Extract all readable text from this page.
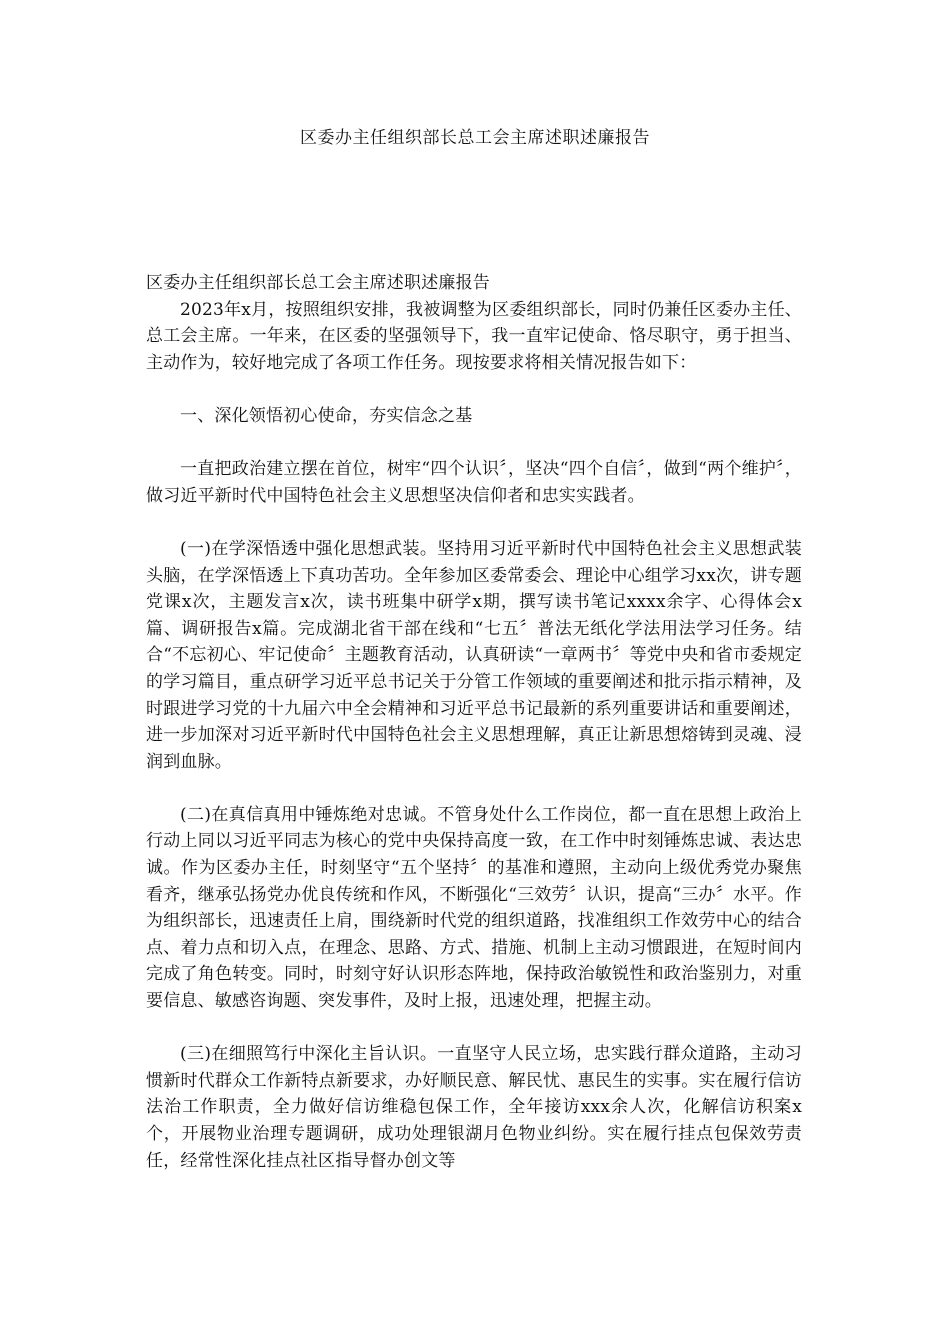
区委办主任组织部长总工会主席述职述廉报告

区委办主任组织部长总工会主席述职述廉报告

2023年x月，按照组织安排，我被调整为区委组织部长，同时仍兼任区委办主任、总工会主席。一年来，在区委的坚强领导下，我一直牢记使命、恪尽职守，勇于担当、主动作为，较好地完成了各项工作任务。现按要求将相关情况报告如下：

一、深化领悟初心使命，夯实信念之基

一直把政治建立摆在首位，树牢“四个认识〞，坚决“四个自信〞，做到“两个维护〞，做习近平新时代中国特色社会主义思想坚决信仰者和忠实实践者。

(一)在学深悟透中强化思想武装。坚持用习近平新时代中国特色社会主义思想武装头脑，在学深悟透上下真功苦功。全年参加区委常委会、理论中心组学习xx次，讲专题党课x次，主题发言x次，读书班集中研学x期，撰写读书笔记xxxx余字、心得体会x篇、调研报告x篇。完成湖北省干部在线和“七五〞普法无纸化学法用法学习任务。结合“不忘初心、牢记使命〞主题教育活动，认真研读“一章两书〞等党中央和省市委规定的学习篇目，重点研学习近平总书记关于分管工作领域的重要阐述和批示指示精神，及时跟进学习党的十九届六中全会精神和习近平总书记最新的系列重要讲话和重要阐述，进一步加深对习近平新时代中国特色社会主义思想理解，真正让新思想熔铸到灵魂、浸润到血脉。

(二)在真信真用中锤炼绝对忠诚。不管身处什么工作岗位，都一直在思想上政治上行动上同以习近平同志为核心的党中央保持高度一致，在工作中时刻锤炼忠诚、表达忠诚。作为区委办主任，时刻坚守“五个坚持〞的基准和遵照，主动向上级优秀党办聚焦看齐，继承弘扬党办优良传统和作风，不断强化“三效劳〞认识，提高“三办〞水平。作为组织部长，迅速责任上肩，围绕新时代党的组织道路，找准组织工作效劳中心的结合点、着力点和切入点，在理念、思路、方式、措施、机制上主动习惯跟进，在短时间内完成了角色转变。同时，时刻守好认识形态阵地，保持政治敏锐性和政治鉴别力，对重要信息、敏感咨询题、突发事件，及时上报，迅速处理，把握主动。

(三)在细照笃行中深化主旨认识。一直坚守人民立场，忠实践行群众道路，主动习惯新时代群众工作新特点新要求，办好顺民意、解民忧、惠民生的实事。实在履行信访法治工作职责，全力做好信访维稳包保工作，全年接访xxx余人次，化解信访积案x个，开展物业治理专题调研，成功处理银湖月色物业纠纷。实在履行挂点包保效劳责任，经常性深化挂点社区指导督办创文等
